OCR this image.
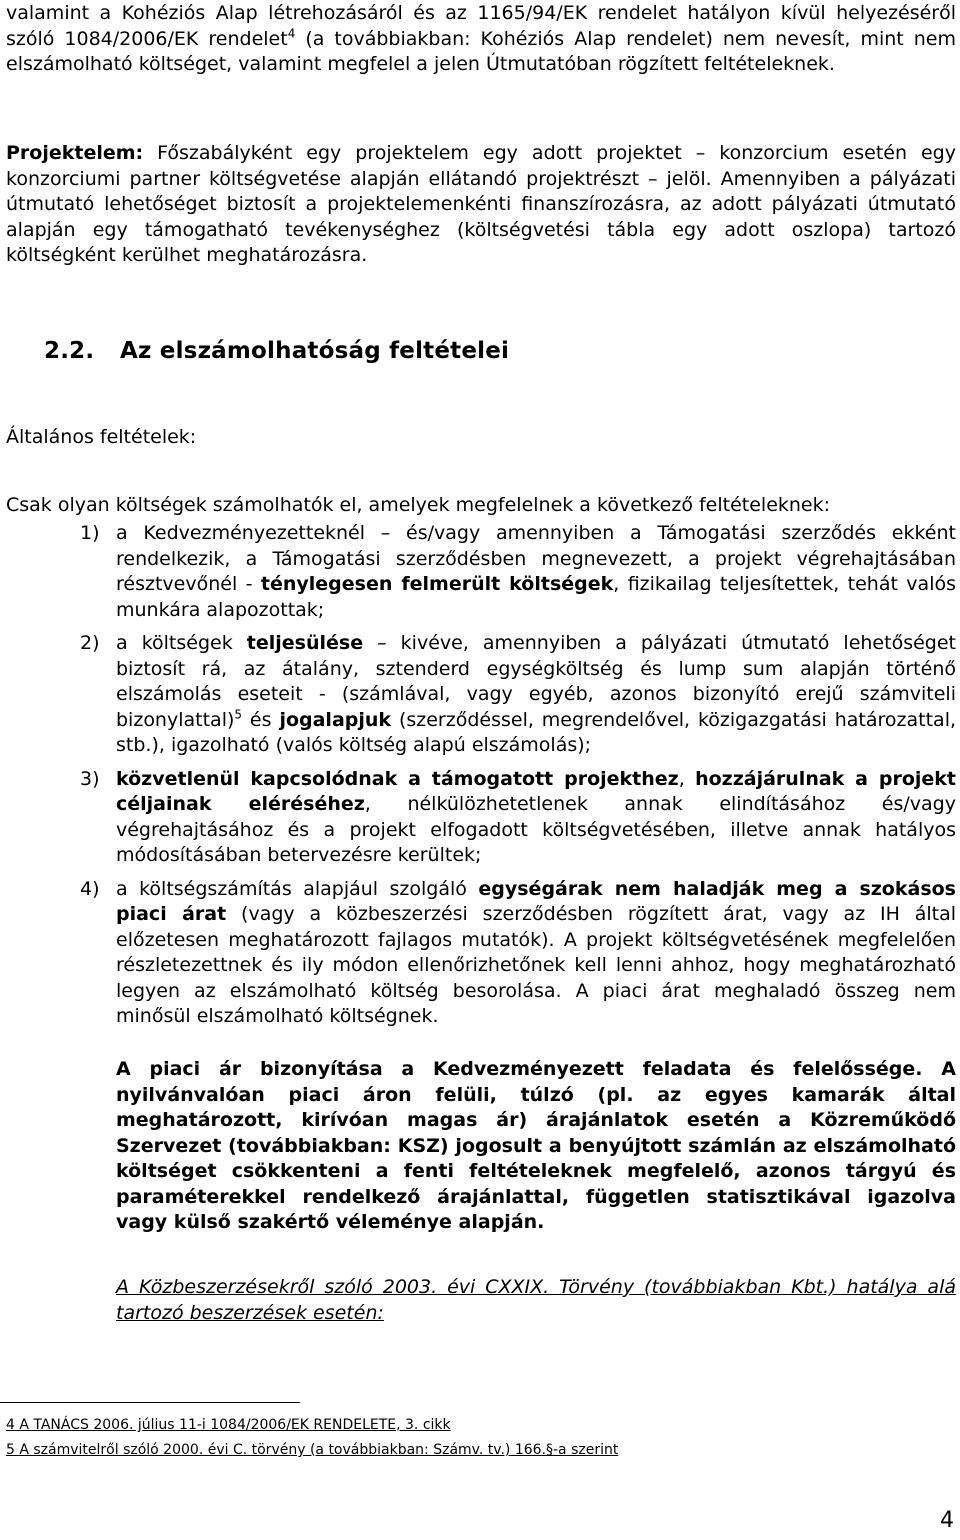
valamint a Kohéziós Alap létrehozásáról és az 1165/94/EK rendelet hatályon kívül helyezéséről szóló 1084/2006/EK rendelet$^4$ (a továbbiakban: Kohéziós Alap rendelet) nem nevesít, mint nem elszámolható költséget, valamint megfelel a jelen Útmutatóban rögzített feltételeknek.

Projektelem: Főszabályként egy projektelem egy adott projektet – konzorcium esetén egy konzorciumi partner költségvetése alapján ellátandó projektrészt – jelöl. Amennyiben a pályázati útmutató lehetőséget biztosít a projektelemenkénti finanszírozásra, az adott pályázati útmutató alapján egy támogatható tevékenységhez (költségvetési tábla egy adott oszlopa) tartozó költségként kerülhet meghatározásra.

2.2. Az elszámolhatóság feltételei

Általános feltételek:

Csak olyan költségek számolhatók el, amelyek megfelelnek a következő feltételeknek:

1) a Kedvezményezetteknél – és/vagy amennyiben a Támogatási szerződés ekként rendelkezik, a Támogatási szerződésben megnevezett, a projekt végrehajtásában résztvevőnél - ténylegesen felmerült költségek, fizikailag teljesítettek, tehát valós munkára alapozottak;
2) a költségek teljesülése – kivéve, amennyiben a pályázati útmutató lehetőséget biztosít rá, az átalány, sztenderd egységköltség és lump sum alapján történő elszámolás eseteit - (számlával, vagy egyéb, azonos bizonyító erejű számviteli bizonylattal)$^5$ és jogalapjuk (szerződéssel, megrendelővel, közigazgatási határozattal, stb.), igazolható (valós költség alapú elszámolás);
3) közvetlenül kapcsolódnak a támogatott projekthez, hozzájárulnak a projekt céljainak eléréséhez, nélkülözhetetlenek annak elindításához és/vagy végrehajtásához és a projekt elfogadott költségvetésében, illetve annak hatályos módosításában betervezésre kerültek;
4) a költségszámítás alapjául szolgáló egységárak nem haladják meg a szokásos piaci árat (vagy a közbeszerzési szerződésben rögzített árat, vagy az IH által előzetesen meghatározott fajlagos mutatók). A projekt költségvetésének megfelelően részletezettnek és ily módon ellenőrizhetőnek kell lenni ahhoz, hogy meghatározható legyen az elszámolható költség besorolása. A piaci árat meghaladó összeg nem minősül elszámolható költségnek.

A piaci ár bizonyítása a Kedvezményezett feladata és felelőssége. A nyilvánvalóan piaci áron felüli, túlzó (pl. az egyes kamarák által meghatározott, kirívóan magas ár) árajánlatok esetén a Közreműködő Szervezet (továbbiakban: KSZ) jogosult a benyújtott számlán az elszámolható költséget csökkenteni a fenti feltételeknek megfelelő, azonos tárgyú és paraméterekkel rendelkező árajánlattal, független statisztikával igazolva vagy külső szakértő véleménye alapján.

A Közbeszerzésekről szóló 2003. évi CXXIX. Törvény (továbbiakban Kbt.) hatálya alá tartozó beszerzések esetén:

4 A TANÁCS 2006. július 11-i 1084/2006/EK RENDELETE, 3. cikk
5 A számvitelről szóló 2000. évi C. törvény (a továbbiakban: Számv. tv.) 166.§-a szerint
4
